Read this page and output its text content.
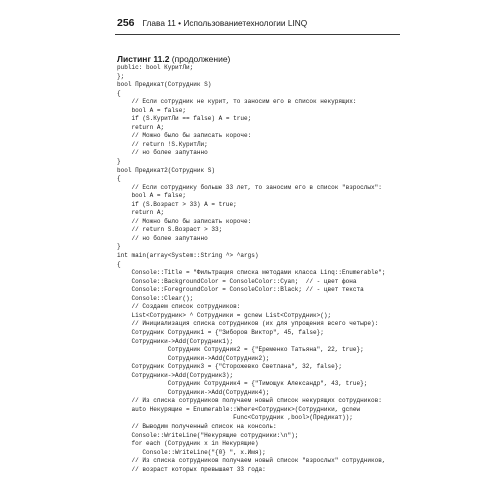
256 Глава 11 • Использованиетехнологии LINQ
Листинг 11.2 (продолжение)
public: bool КуритЛи;
};
bool Предикат(Сотрудник S)
{
// Если сотрудник не курит, то заносим его в список некурящих:
bool А = false;
if (S.КуритЛи == false) А = true;
return А;
// Можно было бы записать короче:
// return !S.КуритЛи;
// но более запутанно
}
bool Предикат2(Сотрудник S)
{
// Если сотруднику больше 33 лет, то заносим его в список "взрослых":
bool А = false;
if (S.Возраст > 33) А = true;
return А;
// Можно было бы записать короче:
// return S.Возраст > 33;
// но более запутанно
}
int main(array<System::String ^> ^args)
{
Console::Title = "Фильтрация списка методами класса Linq::Enumerable";
Console::BackgroundColor = ConsoleColor::Cyan;  // - цвет фона
Console::ForegroundColor = ConsoleColor::Black; // - цвет текста
Console::Clear();
// Создаем список сотрудников:
List<Сотрудник> ^ Сотрудники = gcnew List<Сотрудник>();
// Инициализация списка сотрудников (их для упрощения всего четыре):
Сотрудник Сотрудник1 = {"Зиборов Виктор", 45, false};
Сотрудники->Add(Сотрудник1);
Сотрудник Сотрудник2 = {"Еременко Татьяна", 22, true};
Сотрудники->Add(Сотрудник2);
Сотрудник Сотрудник3 = {"Сторожевко Светлана", 32, false};
Сотрудники->Add(Сотрудник3);
Сотрудник Сотрудник4 = {"Тимощук Александр", 43, true};
Сотрудники->Add(Сотрудник4);
// Из списка сотрудников получаем новый список некурящих сотрудников:
auto Некурящие = Enumerable::Where<Сотрудник>(Сотрудники, gcnew
Func<Сотрудник ,bool>(Предикат));
// Выводим полученный список на консоль:
Console::WriteLine("Некурящие сотрудники:\n");
for each (Сотрудник x in Некурящие)
Console::WriteLine("{0} ", x.Имя);
// Из списка сотрудников получаем новый список "взрослых" сотрудников,
// возраст которых превышает 33 года:
